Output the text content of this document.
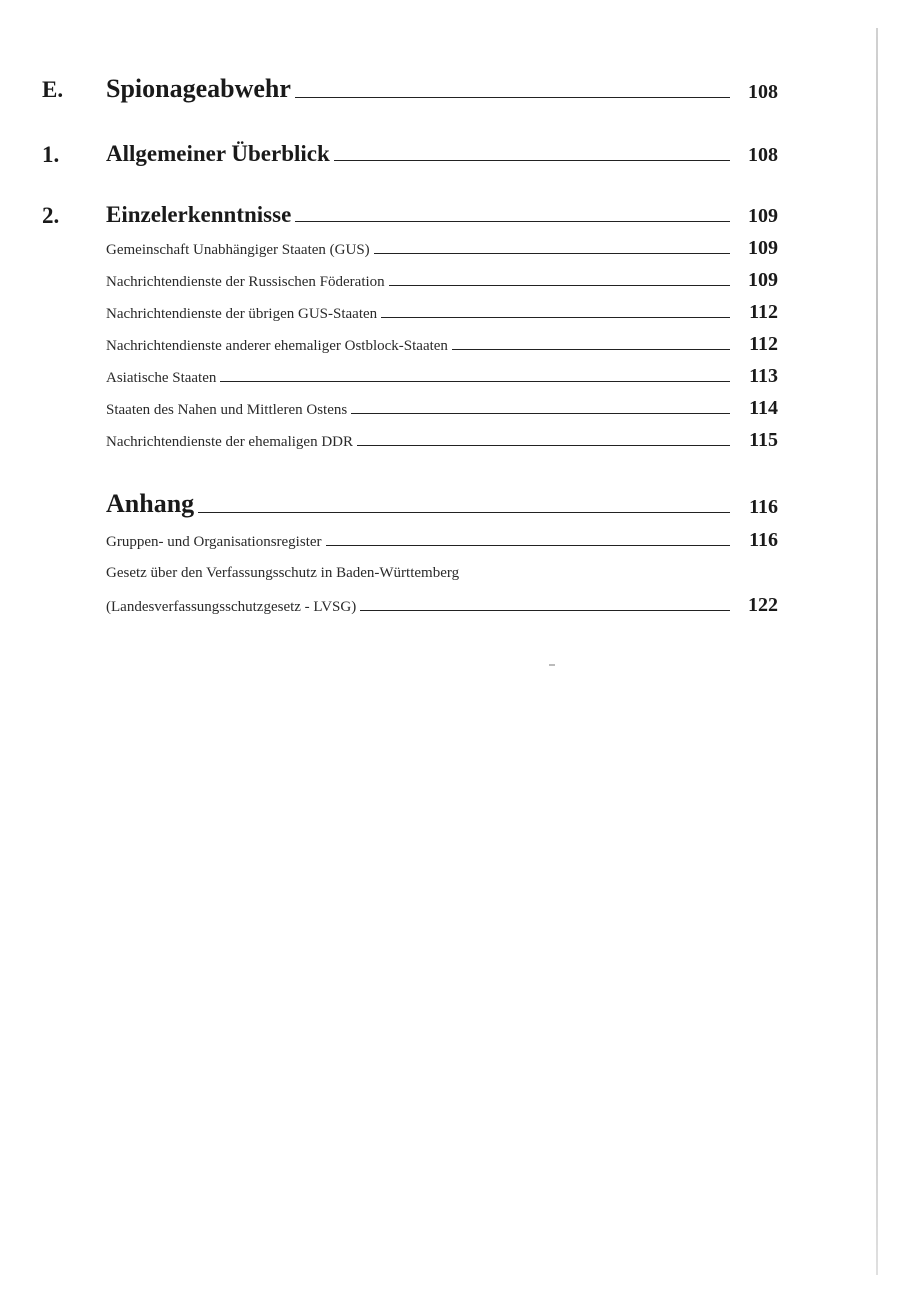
E.	Spionageabwehr	108
1.	Allgemeiner Überblick	108
2.	Einzelerkenntnisse	109
Gemeinschaft Unabhängiger Staaten (GUS)	109
Nachrichtendienste der Russischen Föderation	109
Nachrichtendienste der übrigen GUS-Staaten	112
Nachrichtendienste anderer ehemaliger Ostblock-Staaten	112
Asiatische Staaten	113
Staaten des Nahen und Mittleren Ostens	114
Nachrichtendienste der ehemaligen DDR	115
Anhang	116
Gruppen- und Organisationsregister	116
Gesetz über den Verfassungsschutz in Baden-Württemberg
(Landesverfassungsschutzgesetz - LVSG)	122
